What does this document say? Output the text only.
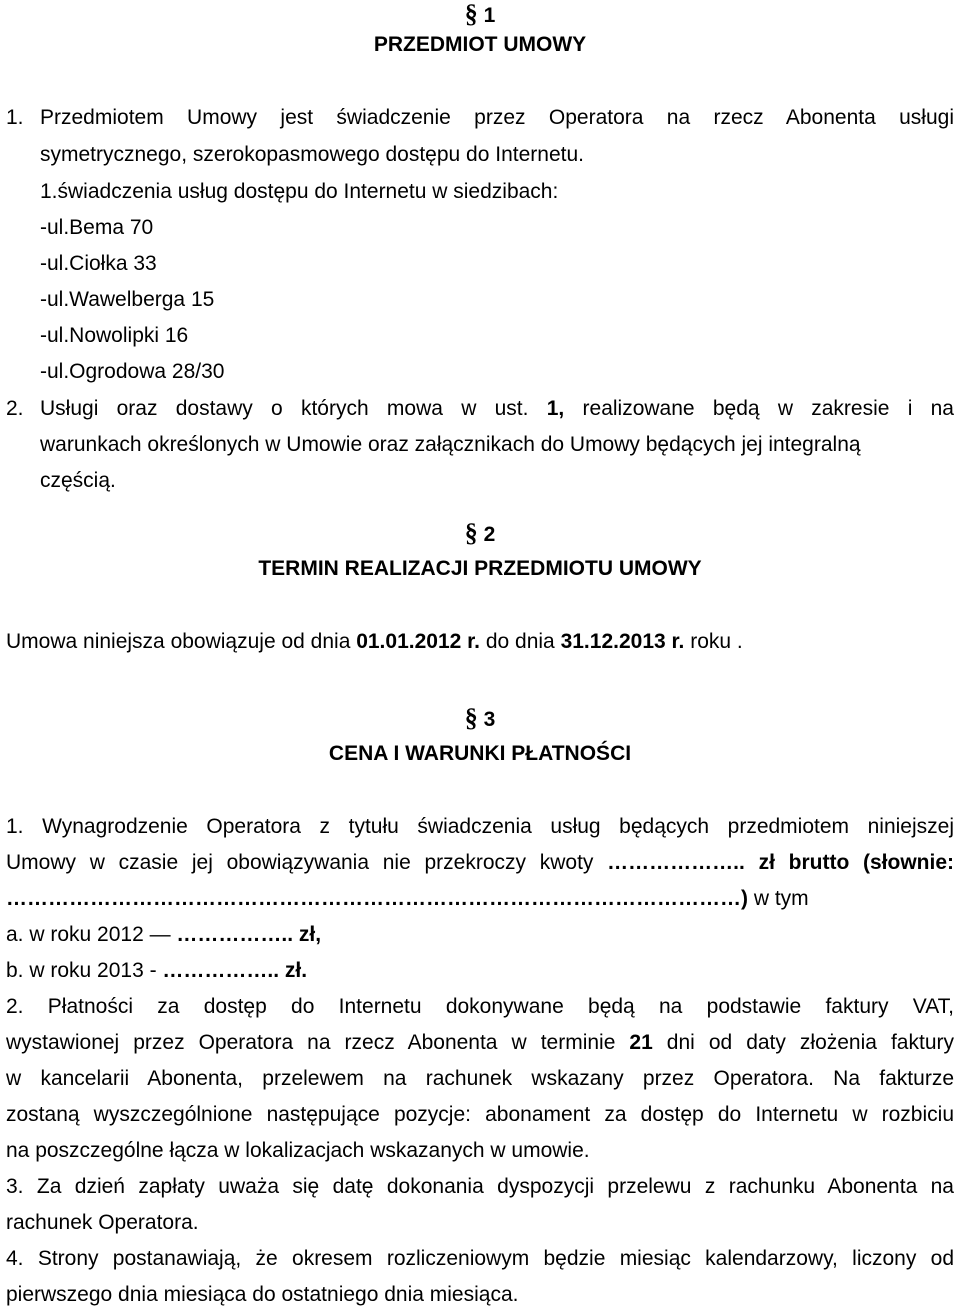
§ 1
PRZEDMIOT UMOWY
1. Przedmiotem Umowy jest świadczenie przez Operatora na rzecz Abonenta usługi
symetrycznego, szerokopasmowego dostępu do Internetu.
1.świadczenia usług dostępu do Internetu w siedzibach:
-ul.Bema 70
-ul.Ciołka 33
-ul.Wawelberga 15
-ul.Nowolipki 16
-ul.Ogrodowa 28/30
2. Usługi oraz dostawy o których mowa w ust. 1, realizowane będą w zakresie i na
warunkach określonych w Umowie oraz załącznikach do Umowy będących jej integralną
częścią.
§ 2
TERMIN REALIZACJI PRZEDMIOTU UMOWY
Umowa niniejsza obowiązuje od dnia 01.01.2012 r. do dnia 31.12.2013 r. roku .
§ 3
CENA I WARUNKI PŁATNOŚCI
1. Wynagrodzenie Operatora z tytułu świadczenia usług będących przedmiotem niniejszej
Umowy w czasie jej obowiązywania nie przekroczy kwoty ……………….. zł brutto (słownie:
……………………………………………………………………………………………) w tym
a. w roku 2012 — …………….. zł,
b. w roku 2013 - …………….. zł.
2. Płatności za dostęp do Internetu dokonywane będą na podstawie faktury VAT,
wystawionej przez Operatora na rzecz Abonenta w terminie 21 dni od daty złożenia faktury
w kancelarii Abonenta, przelewem na rachunek wskazany przez Operatora. Na fakturze
zostaną wyszczególnione następujące pozycje: abonament za dostęp do Internetu w rozbiciu
na poszczególne łącza w lokalizacjach wskazanych w umowie.
3. Za dzień zapłaty uważa się datę dokonania dyspozycji przelewu z rachunku Abonenta na
rachunek Operatora.
4. Strony postanawiają, że okresem rozliczeniowym będzie miesiąc kalendarzowy, liczony od
pierwszego dnia miesiąca do ostatniego dnia miesiąca.
